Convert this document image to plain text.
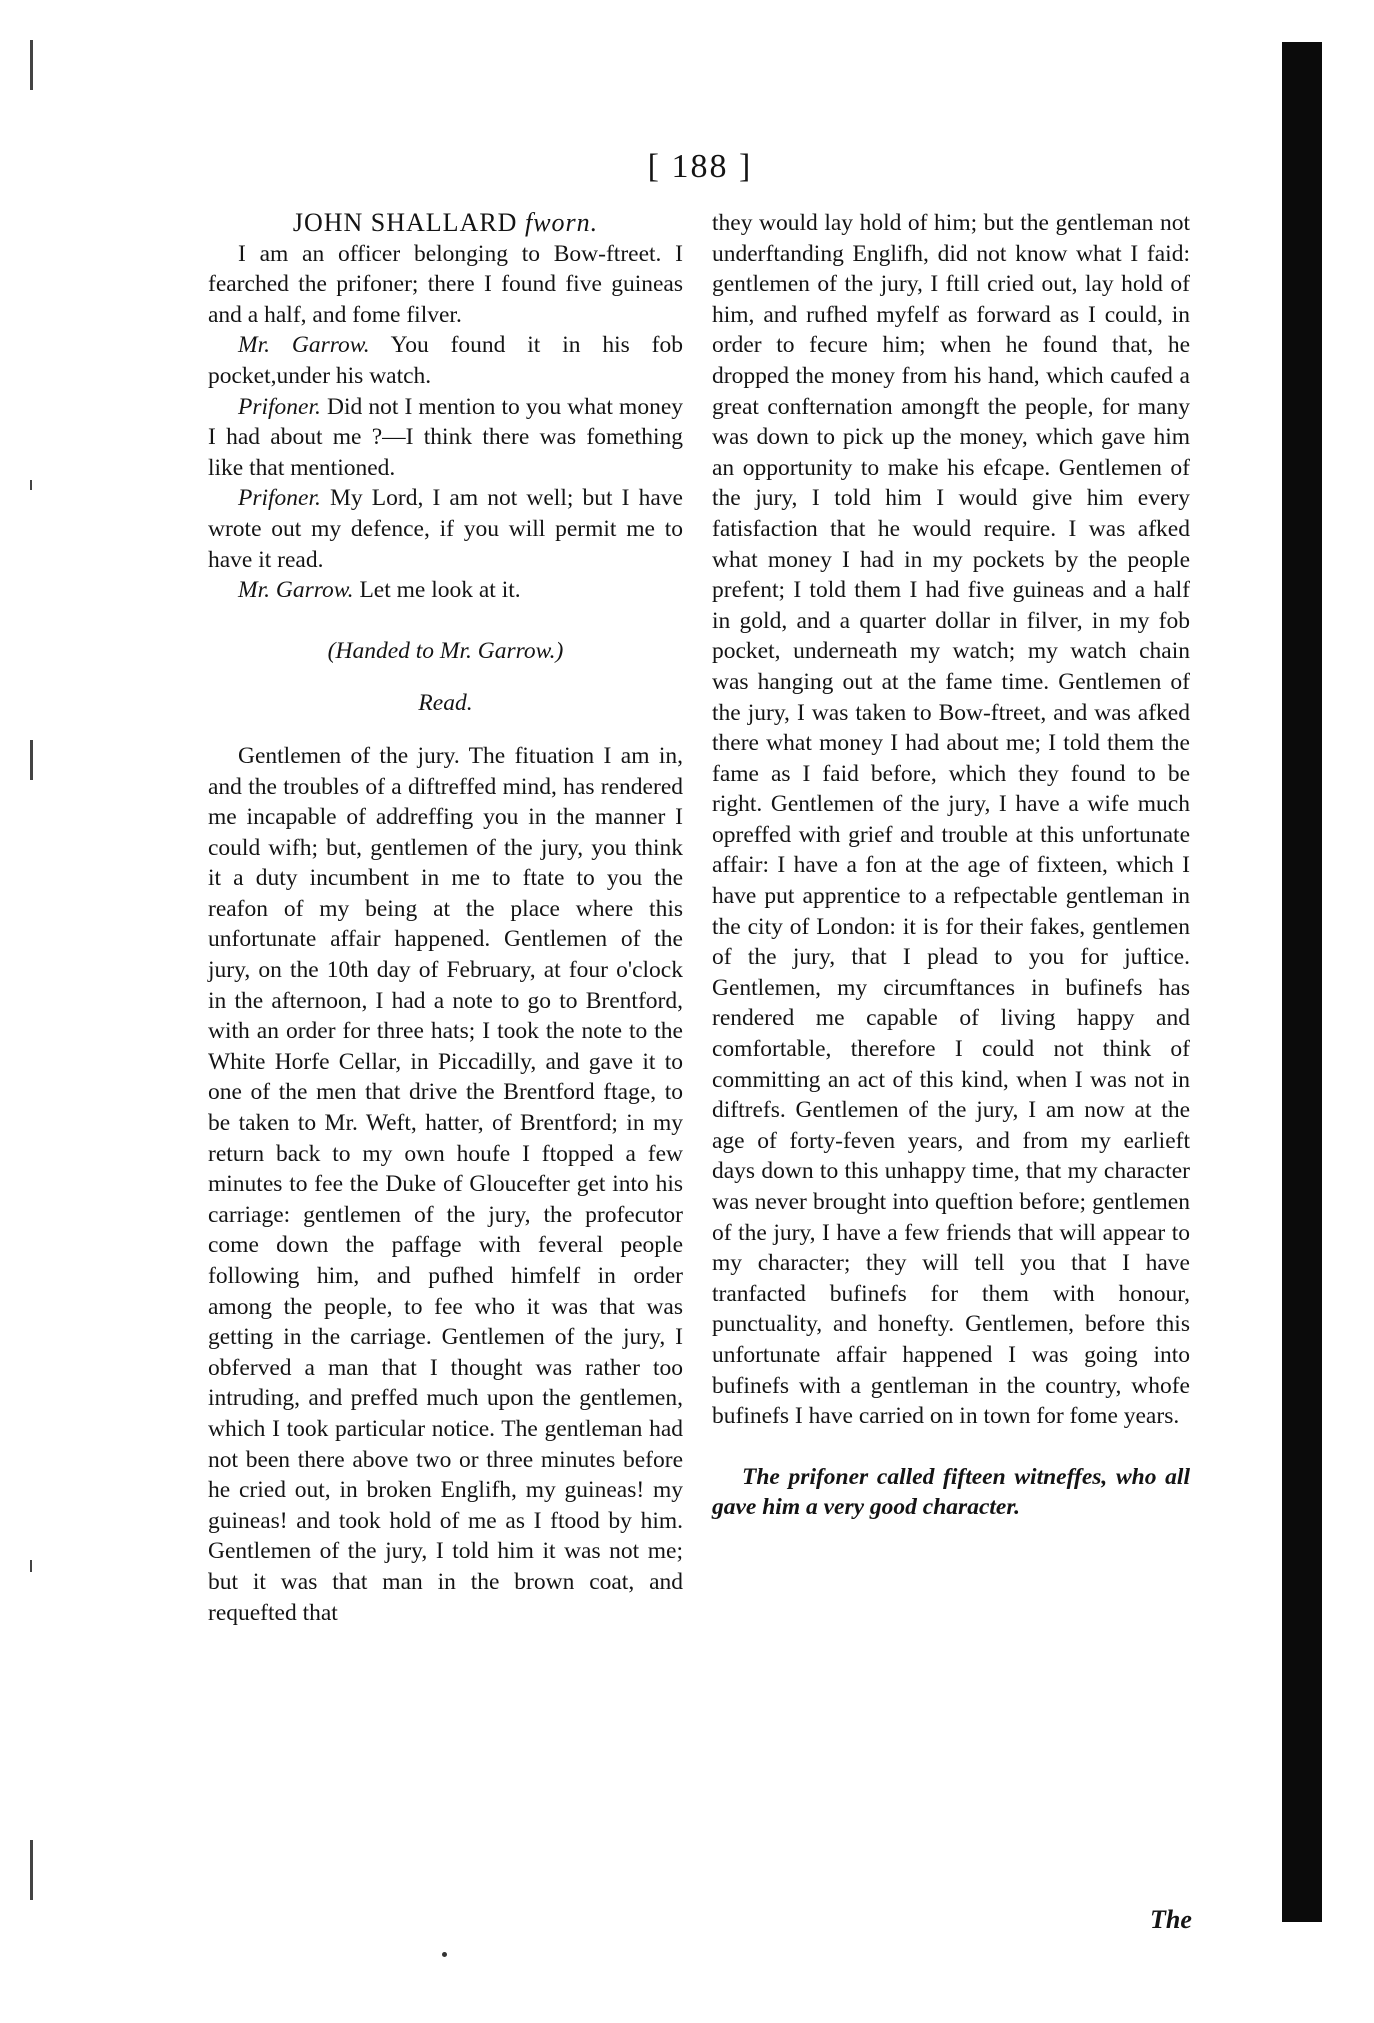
[ 188 ]

JOHN SHALLARD fworn.

I am an officer belonging to Bow-ftreet. I fearched the prifoner; there I found five guineas and a half, and fome filver.

Mr. Garrow. You found it in his fob pocket,under his watch.

Prifoner. Did not I mention to you what money I had about me ?—I think there was fomething like that mentioned.

Prifoner. My Lord, I am not well; but I have wrote out my defence, if you will permit me to have it read.

Mr. Garrow. Let me look at it.

(Handed to Mr. Garrow.)

Read.

Gentlemen of the jury. The fituation I am in, and the troubles of a diftreffed mind, has rendered me incapable of addreffing you in the manner I could wifh; but, gentlemen of the jury, you think it a duty incumbent in me to ftate to you the reafon of my being at the place where this unfortunate affair happened. Gentlemen of the jury, on the 10th day of February, at four o'clock in the afternoon, I had a note to go to Brentford, with an order for three hats; I took the note to the White Horfe Cellar, in Piccadilly, and gave it to one of the men that drive the Brentford ftage, to be taken to Mr. Weft, hatter, of Brentford; in my return back to my own houfe I ftopped a few minutes to fee the Duke of Gloucefter get into his carriage: gentlemen of the jury, the profecutor come down the paffage with feveral people following him, and pufhed himfelf in order among the people, to fee who it was that was getting in the carriage. Gentlemen of the jury, I obferved a man that I thought was rather too intruding, and preffed much upon the gentlemen, which I took particular notice. The gentleman had not been there above two or three minutes before he cried out, in broken Englifh, my guineas! my guineas! and took hold of me as I ftood by him. Gentlemen of the jury, I told him it was not me; but it was that man in the brown coat, and requefted that

they would lay hold of him; but the gentleman not underftanding Englifh, did not know what I faid: gentlemen of the jury, I ftill cried out, lay hold of him, and rufhed myfelf as forward as I could, in order to fecure him; when he found that, he dropped the money from his hand, which caufed a great confternation amongft the people, for many was down to pick up the money, which gave him an opportunity to make his efcape. Gentlemen of the jury, I told him I would give him every fatisfaction that he would require. I was afked what money I had in my pockets by the people prefent; I told them I had five guineas and a half in gold, and a quarter dollar in filver, in my fob pocket, underneath my watch; my watch chain was hanging out at the fame time. Gentlemen of the jury, I was taken to Bow-ftreet, and was afked there what money I had about me; I told them the fame as I faid before, which they found to be right. Gentlemen of the jury, I have a wife much opreffed with grief and trouble at this unfortunate affair: I have a fon at the age of fixteen, which I have put apprentice to a refpectable gentleman in the city of London: it is for their fakes, gentlemen of the jury, that I plead to you for juftice. Gentlemen, my circumftances in bufinefs has rendered me capable of living happy and comfortable, therefore I could not think of committing an act of this kind, when I was not in diftrefs. Gentlemen of the jury, I am now at the age of forty-feven years, and from my earlieft days down to this unhappy time, that my character was never brought into queftion before; gentlemen of the jury, I have a few friends that will appear to my character; they will tell you that I have tranfacted bufinefs for them with honour, punctuality, and honefty. Gentlemen, before this unfortunate affair happened I was going into bufinefs with a gentleman in the country, whofe bufinefs I have carried on in town for fome years.

The prifoner called fifteen witneffes, who all gave him a very good character.

The
